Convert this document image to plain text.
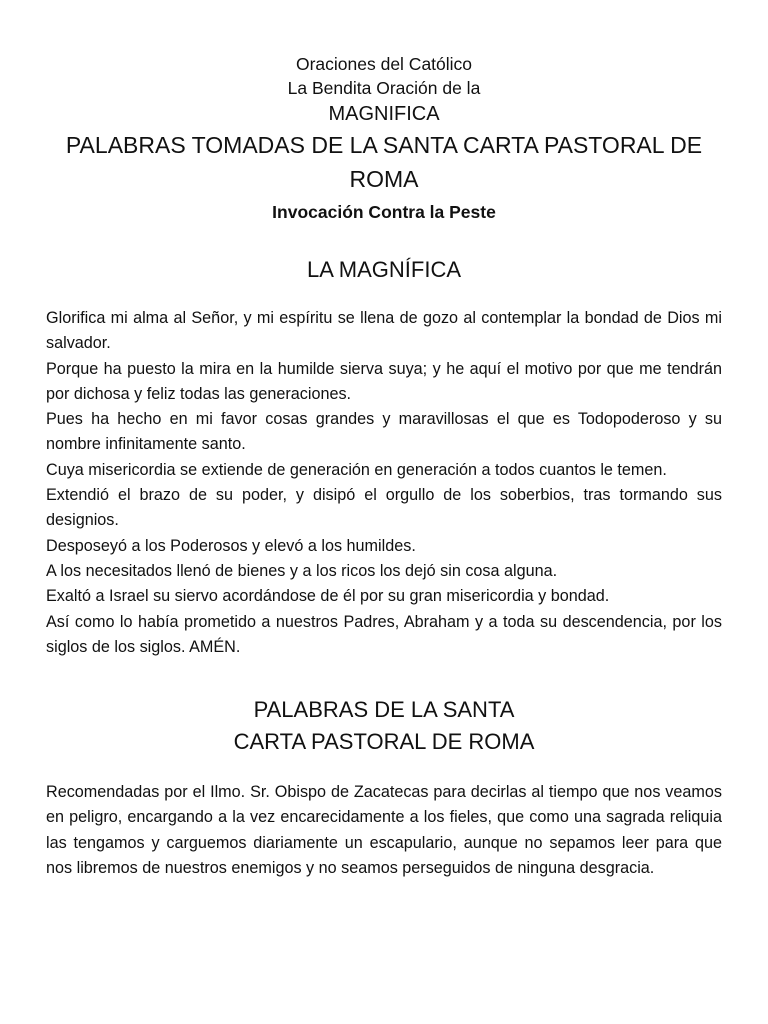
Oraciones del Católico

La Bendita Oración de la

MAGNIFICA

PALABRAS TOMADAS DE LA SANTA CARTA PASTORAL DE

ROMA

Invocación Contra la Peste

LA MAGNÍFICA

Glorifica mi alma al Señor, y mi espíritu se llena de gozo al contemplar la bondad de Dios mi salvador.

Porque ha puesto la mira en la humilde sierva suya; y he aquí el motivo por que me tendrán por dichosa y feliz todas las generaciones.

Pues ha hecho en mi favor cosas grandes y maravillosas el que es Todopoderoso y su nombre infinitamente santo.

Cuya misericordia se extiende de generación en generación a todos cuantos le temen.

Extendió el brazo de su poder, y disipó el orgullo de los soberbios, tras tormando sus designios.

Desposeyó a los Poderosos y elevó a los humildes.

A los necesitados llenó de bienes y a los ricos los dejó sin cosa alguna.

Exaltó a Israel su siervo acordándose de él por su gran misericordia y bondad.

Así como lo había prometido a nuestros Padres, Abraham y a toda su descendencia, por los siglos de los siglos. AMÉN.

PALABRAS DE LA SANTA
CARTA PASTORAL DE ROMA

Recomendadas por el Ilmo. Sr. Obispo de Zacatecas para decirlas al tiempo que nos veamos en peligro, encargando a la vez encarecidamente a los fieles, que como una sagrada reliquia las tengamos y carguemos diariamente un escapulario, aunque no sepamos leer para que nos libremos de nuestros enemigos y no seamos perseguidos de ninguna desgracia.
